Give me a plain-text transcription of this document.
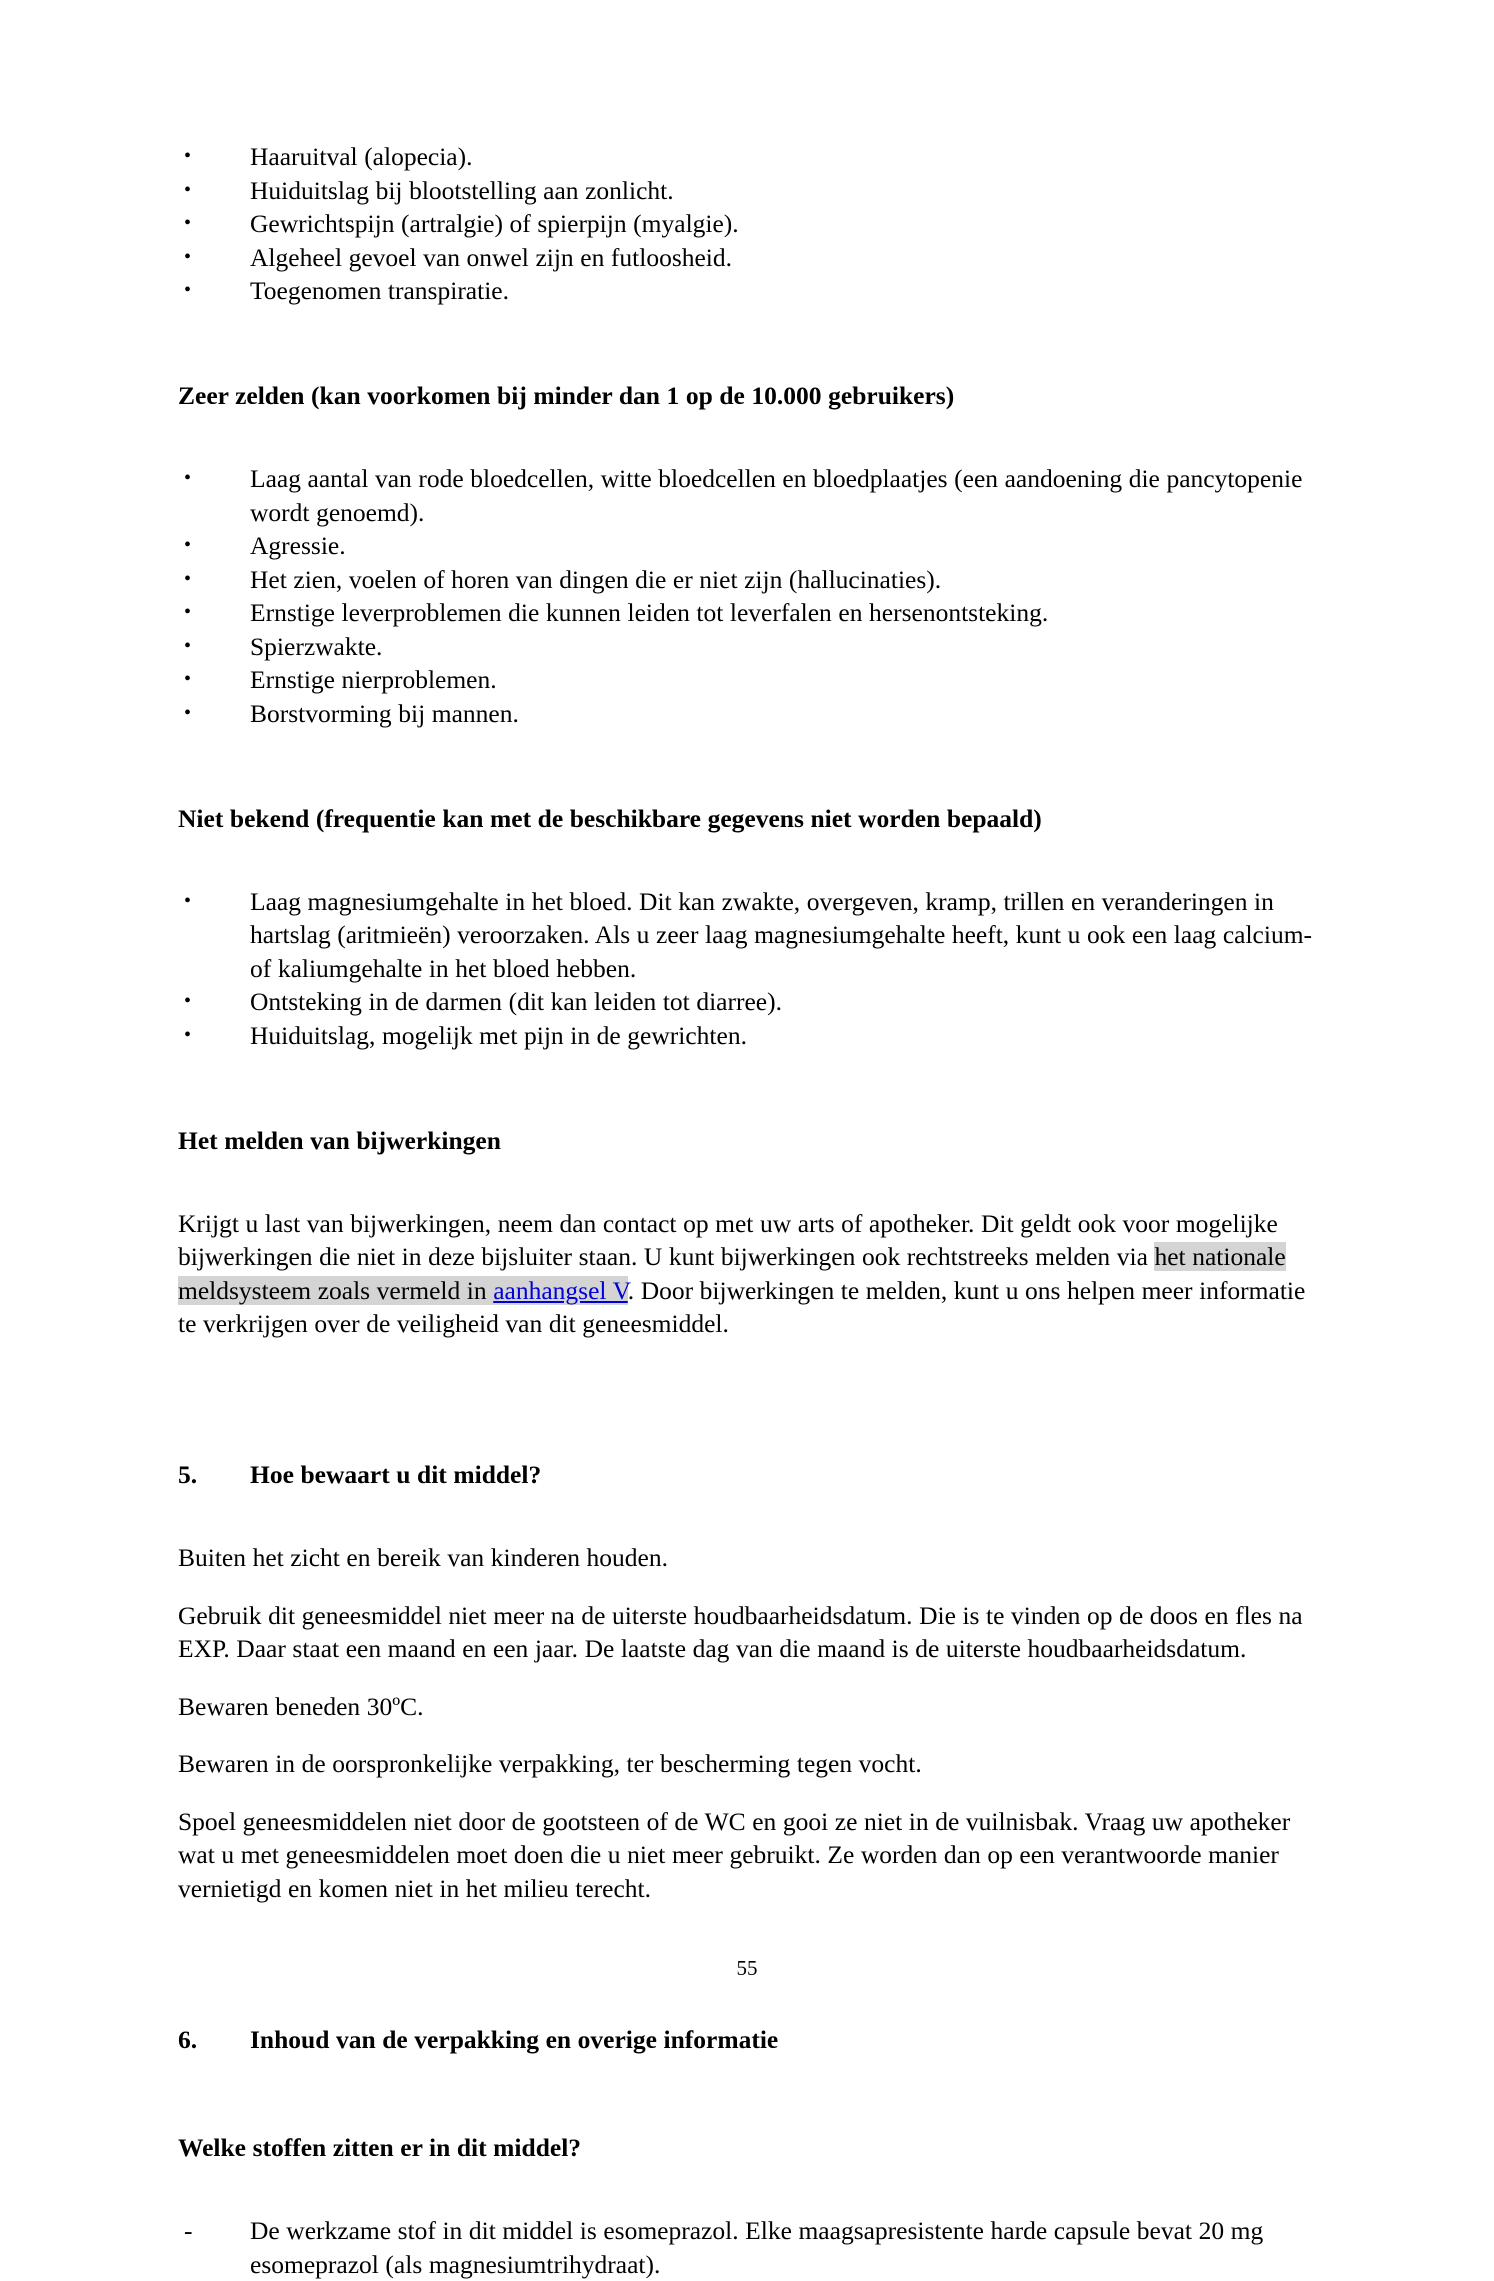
•	Haaruitval (alopecia).
•	Huiduitslag bij blootstelling aan zonlicht.
•	Gewrichtspijn (artralgie) of spierpijn (myalgie).
•	Algeheel gevoel van onwel zijn en futloosheid.
•	Toegenomen transpiratie.

Zeer zelden (kan voorkomen bij minder dan 1 op de 10.000 gebruikers)

•	Laag aantal van rode bloedcellen, witte bloedcellen en bloedplaatjes (een aandoening die pancytopenie wordt genoemd).
•	Agressie.
•	Het zien, voelen of horen van dingen die er niet zijn (hallucinaties).
•	Ernstige leverproblemen die kunnen leiden tot leverfalen en hersenontsteking.
•	Spierzwakte.
•	Ernstige nierproblemen.
•	Borstvorming bij mannen.

Niet bekend (frequentie kan met de beschikbare gegevens niet worden bepaald)

•	Laag magnesiumgehalte in het bloed. Dit kan zwakte, overgeven, kramp, trillen en veranderingen in hartslag (aritmieën) veroorzaken. Als u zeer laag magnesiumgehalte heeft, kunt u ook een laag calcium- of kaliumgehalte in het bloed hebben.
•	Ontsteking in de darmen (dit kan leiden tot diarree).
•	Huiduitslag, mogelijk met pijn in de gewrichten.

Het melden van bijwerkingen

Krijgt u last van bijwerkingen, neem dan contact op met uw arts of apotheker. Dit geldt ook voor mogelijke bijwerkingen die niet in deze bijsluiter staan. U kunt bijwerkingen ook rechtstreeks melden via het nationale meldsysteem zoals vermeld in aanhangsel V. Door bijwerkingen te melden, kunt u ons helpen meer informatie te verkrijgen over de veiligheid van dit geneesmiddel.

5. Hoe bewaart u dit middel?

Buiten het zicht en bereik van kinderen houden.

Gebruik dit geneesmiddel niet meer na de uiterste houdbaarheidsdatum. Die is te vinden op de doos en fles na EXP. Daar staat een maand en een jaar. De laatste dag van die maand is de uiterste houdbaarheidsdatum.

Bewaren beneden 30ºC.

Bewaren in de oorspronkelijke verpakking, ter bescherming tegen vocht.

Spoel geneesmiddelen niet door de gootsteen of de WC en gooi ze niet in de vuilnisbak. Vraag uw apotheker wat u met geneesmiddelen moet doen die u niet meer gebruikt. Ze worden dan op een verantwoorde manier vernietigd en komen niet in het milieu terecht.

6. Inhoud van de verpakking en overige informatie

Welke stoffen zitten er in dit middel?

-	De werkzame stof in dit middel is esomeprazol. Elke maagsapresistente harde capsule bevat 20 mg esomeprazol (als magnesiumtrihydraat).
55
